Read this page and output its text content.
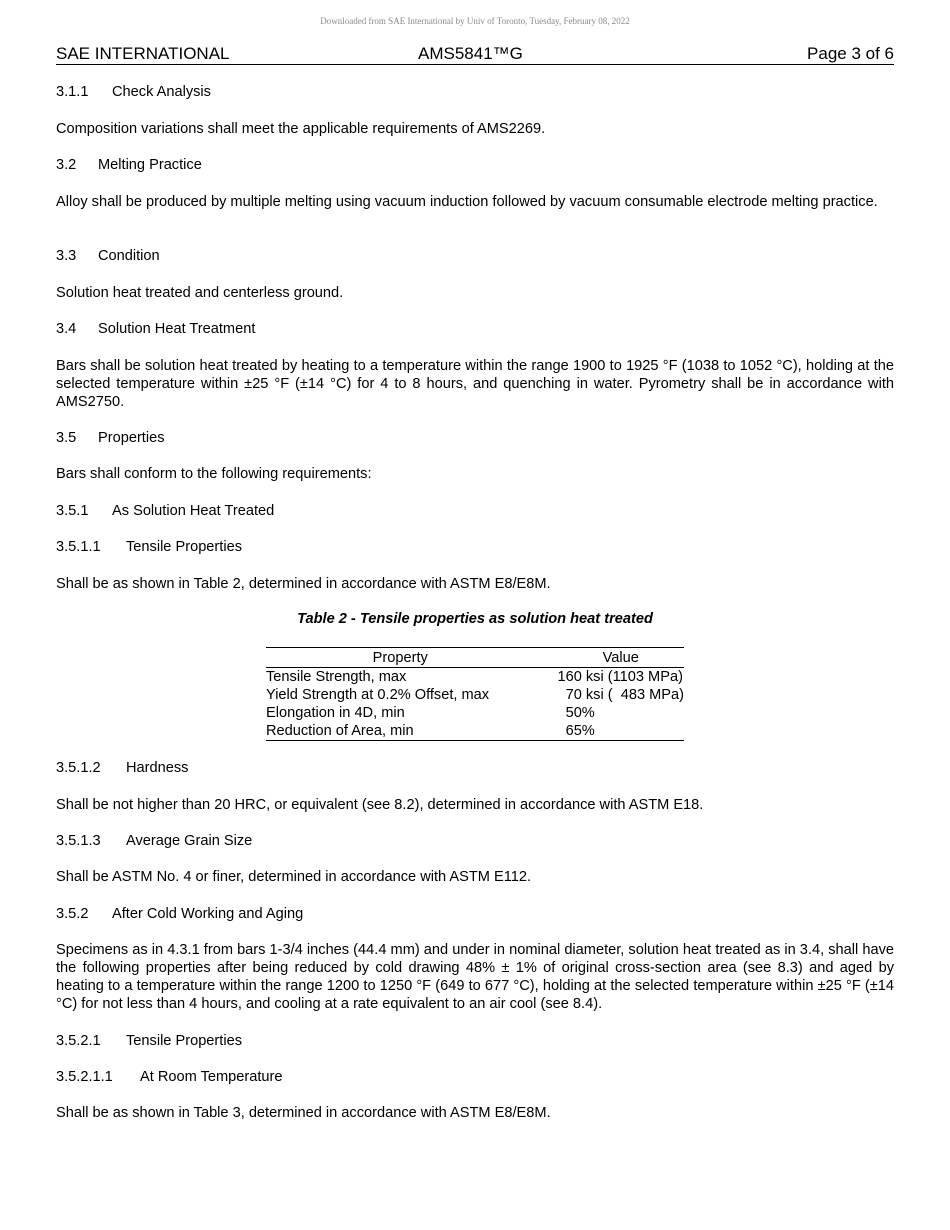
Downloaded from SAE International by Univ of Toronto, Tuesday, February 08, 2022
SAE INTERNATIONAL	AMS5841™G	Page 3 of 6
3.1.1 Check Analysis
Composition variations shall meet the applicable requirements of AMS2269.
3.2 Melting Practice
Alloy shall be produced by multiple melting using vacuum induction followed by vacuum consumable electrode melting practice.
3.3 Condition
Solution heat treated and centerless ground.
3.4 Solution Heat Treatment
Bars shall be solution heat treated by heating to a temperature within the range 1900 to 1925 °F (1038 to 1052 °C), holding at the selected temperature within ±25 °F (±14 °C) for 4 to 8 hours, and quenching in water. Pyrometry shall be in accordance with AMS2750.
3.5 Properties
Bars shall conform to the following requirements:
3.5.1 As Solution Heat Treated
3.5.1.1 Tensile Properties
Shall be as shown in Table 2, determined in accordance with ASTM E8/E8M.
Table 2 - Tensile properties as solution heat treated
Property	Value
Tensile Strength, max	160 ksi (1103 MPa)
Yield Strength at 0.2% Offset, max	70 ksi (  483 MPa)
Elongation in 4D, min	50%
Reduction of Area, min	65%
3.5.1.2 Hardness
Shall be not higher than 20 HRC, or equivalent (see 8.2), determined in accordance with ASTM E18.
3.5.1.3 Average Grain Size
Shall be ASTM No. 4 or finer, determined in accordance with ASTM E112.
3.5.2 After Cold Working and Aging
Specimens as in 4.3.1 from bars 1-3/4 inches (44.4 mm) and under in nominal diameter, solution heat treated as in 3.4, shall have the following properties after being reduced by cold drawing 48% ± 1% of original cross-section area (see 8.3) and aged by heating to a temperature within the range 1200 to 1250 °F (649 to 677 °C), holding at the selected temperature within ±25 °F (±14 °C) for not less than 4 hours, and cooling at a rate equivalent to an air cool (see 8.4).
3.5.2.1 Tensile Properties
3.5.2.1.1 At Room Temperature
Shall be as shown in Table 3, determined in accordance with ASTM E8/E8M.
